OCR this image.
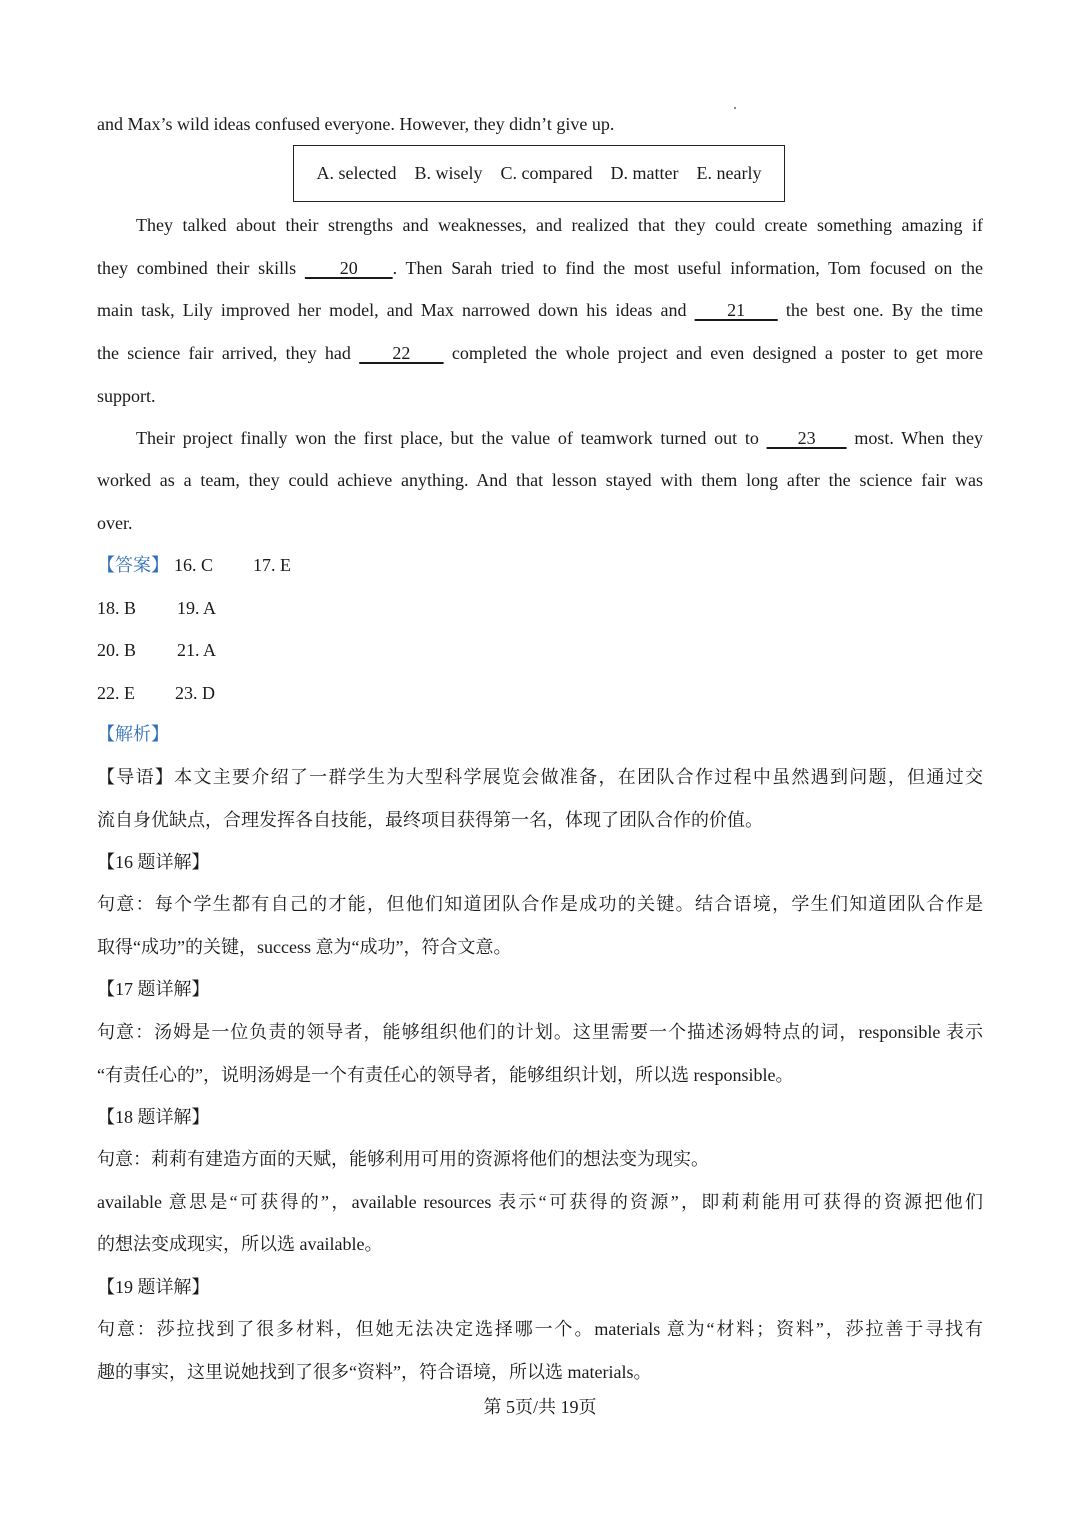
and Max’s wild ideas confused everyone. However, they didn’t give up.
A. selected B. wisely C. compared D. matter E. nearly
They talked about their strengths and weaknesses, and realized that they could create something amazing if
they combined their skills     20    . Then Sarah tried to find the most useful information, Tom focused on the
main task, Lily improved her model, and Max narrowed down his ideas and     21     the best one. By the time
the science fair arrived, they had     22     completed the whole project and even designed a poster to get more
support.
Their project finally won the first place, but the value of teamwork turned out to     23     most. When they
worked as a team, they could achieve anything. And that lesson stayed with them long after the science fair was
over.
【答案】 16. C 17. E
18. B 19. A
20. B 21. A
22. E 23. D
【解析】
【导语】本文主要介绍了一群学生为大型科学展览会做准备，在团队合作过程中虽然遇到问题，但通过交
流自身优缺点，合理发挥各自技能，最终项目获得第一名，体现了团队合作的价值。
【16 题详解】
句意：每个学生都有自己的才能，但他们知道团队合作是成功的关键。结合语境，学生们知道团队合作是
取得“成功”的关键，success 意为“成功”，符合文意。
【17 题详解】
句意：汤姆是一位负责的领导者，能够组织他们的计划。这里需要一个描述汤姆特点的词，responsible 表示
“有责任心的”，说明汤姆是一个有责任心的领导者，能够组织计划，所以选 responsible。
【18 题详解】
句意：莉莉有建造方面的天赋，能够利用可用的资源将他们的想法变为现实。
available 意思是“可获得的”，available resources 表示“可获得的资源”，即莉莉能用可获得的资源把他们
的想法变成现实，所以选 available。
【19 题详解】
句意：莎拉找到了很多材料，但她无法决定选择哪一个。materials 意为“材料；资料”，莎拉善于寻找有
趣的事实，这里说她找到了很多“资料”，符合语境，所以选 materials。
第 5页/共 19页
